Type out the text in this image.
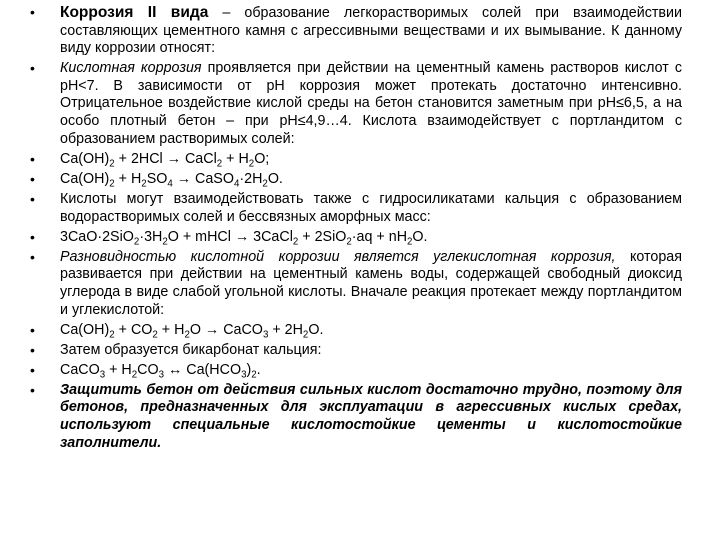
• Коррозия II вида – образование легкорастворимых солей при взаимодействии составляющих цементного камня с агрессивными веществами и их вымывание. К данному виду коррозии относят:
• Кислотная коррозия проявляется при действии на цементный камень растворов кислот с рН<7. В зависимости от рН коррозия может протекать достаточно интенсивно. Отрицательное воздействие кислой среды на бетон становится заметным при рН≤6,5, а на особо плотный бетон – при рН≤4,9…4. Кислота взаимодействует с портландитом с образованием растворимых солей:
• $Ca(OH)_2 + 2HCl$ → CaCl$_2$ + $H_2O$;
• $Ca(OH)_2 + H_2SO_4$ → $CaSO_4\cdot 2H_2O$.
• Кислоты могут взаимодействовать также с гидросиликатами кальция с образованием водорастворимых солей и бессвязных аморфных масс:
• $3CaO\cdot 2SiO_2\cdot 3H_2O$ + mHCl → 3CaCl$_2$ + $2SiO_2\cdot aq + nH_2O$.
• Разновидностью кислотной коррозии является углекислотная коррозия, которая развивается при действии на цементный камень воды, содержащей свободный диоксид углерода в виде слабой угольной кислоты. Вначале реакция протекает между портландитом и углекислотой:
• $Ca(OH)_2 + CO_2 + H_2O$ → CaCO$_3$ + $2H_2O$.
• Затем образуется бикарбонат кальция:
• CaCO$_3$ + $H_2CO_3$ ↔ $Ca(HCO_3)_2$.
• Защитить бетон от действия сильных кислот достаточно трудно, поэтому для бетонов, предназначенных для эксплуатации в агрессивных кислых средах, используют специальные кислотостойкие цементы и кислотостойкие заполнители.
